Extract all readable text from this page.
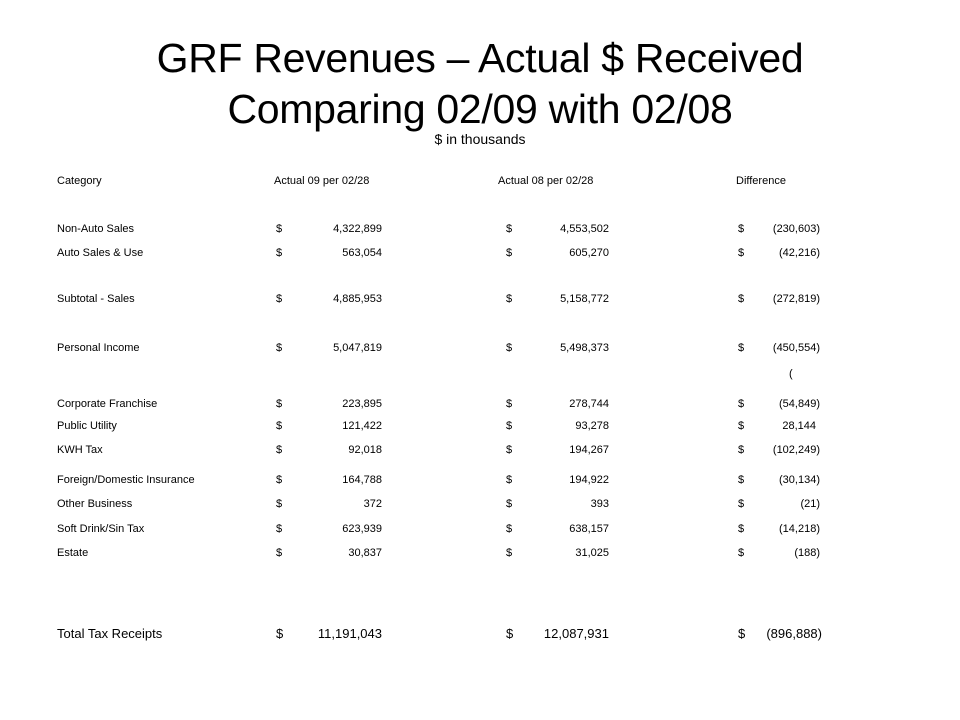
GRF Revenues – Actual $ Received
Comparing 02/09 with 02/08
$ in thousands
Category	Actual 09 per 02/28	Actual 08 per 02/28	Difference
Non-Auto Sales	$	4,322,899	$	4,553,502	$	(230,603)
Auto Sales & Use	$	563,054	$	605,270	$	(42,216)
Subtotal - Sales	$	4,885,953	$	5,158,772	$	(272,819)
Personal Income	$	5,047,819	$	5,498,373	$	(450,554)
Corporate Franchise	$	223,895	$	278,744	$	(54,849)
Public Utility	$	121,422	$	93,278	$	28,144
KWH Tax	$	92,018	$	194,267	$	(102,249)
Foreign/Domestic Insurance	$	164,788	$	194,922	$	(30,134)
Other Business	$	372	$	393	$	(21)
Soft Drink/Sin Tax	$	623,939	$	638,157	$	(14,218)
Estate	$	30,837	$	31,025	$	(188)
Total Tax Receipts	$	11,191,043	$ 12,087,931	$ (896,888)
(
